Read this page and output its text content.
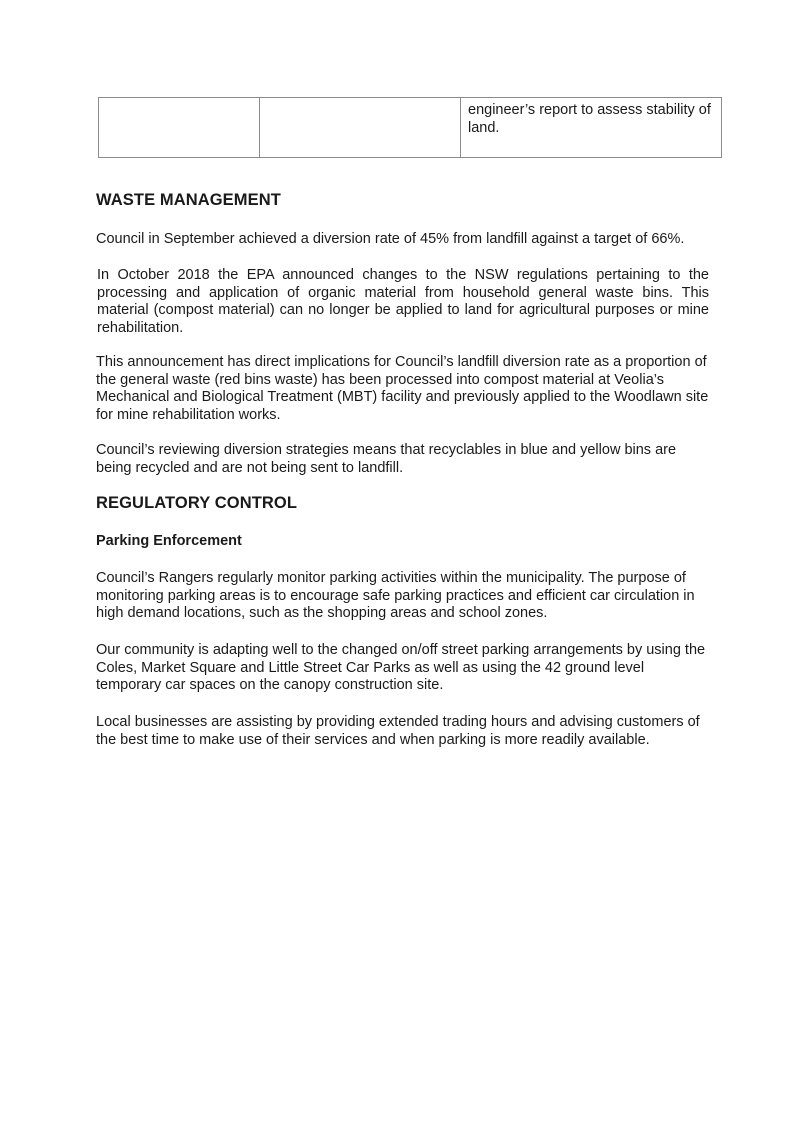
		engineer’s report to assess stability of land.
WASTE MANAGEMENT

Council in September achieved a diversion rate of 45% from landfill against a target of 66%.

In October 2018 the EPA announced changes to the NSW regulations pertaining to the processing and application of organic material from household general waste bins. This material (compost material) can no longer be applied to land for agricultural purposes or mine rehabilitation.

This announcement has direct implications for Council’s landfill diversion rate as a proportion of the general waste (red bins waste) has been processed into compost material at Veolia’s Mechanical and Biological Treatment (MBT) facility and previously applied to the Woodlawn site for mine rehabilitation works.

Council’s reviewing diversion strategies means that recyclables in blue and yellow bins are being recycled and are not being sent to landfill.

REGULATORY CONTROL
Parking Enforcement

Council’s Rangers regularly monitor parking activities within the municipality. The purpose of monitoring parking areas is to encourage safe parking practices and efficient car circulation in high demand locations, such as the shopping areas and school zones.

Our community is adapting well to the changed on/off street parking arrangements by using the Coles, Market Square and Little Street Car Parks as well as using the 42 ground level temporary car spaces on the canopy construction site.

Local businesses are assisting by providing extended trading hours and advising customers of the best time to make use of their services and when parking is more readily available.
